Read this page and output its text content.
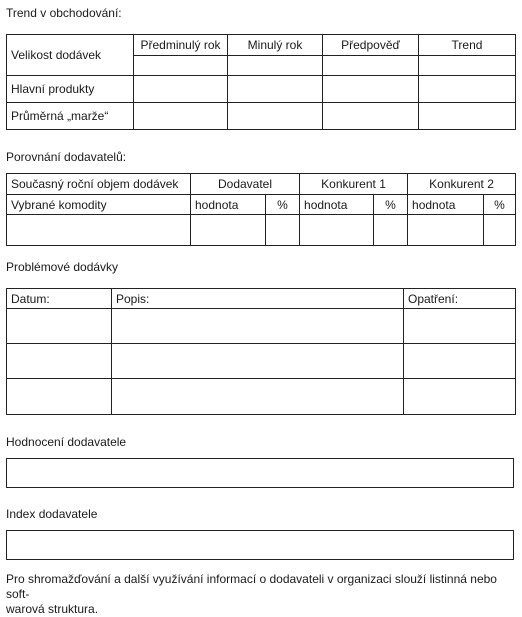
Trend v obchodování:
Velikost dodávek	Předminulý rok	Minulý rok	Předpověď	Trend

Hlavní produkty				
Průměrná „marže“				
Porovnání dodavatelů:
Současný roční objem dodávek	Dodavatel		Konkurent 1		Konkurent 2	
Vybrané komodity	hodnota	%	hodnota	%	hodnota	%

Problémové dodávky
Datum:	Popis:	Opatření:

Hodnocení dodavatele
Index dodavatele
Pro shromažďování a další využívání informací o dodavateli v organizaci slouží listinná nebo soft-
warová struktura.
